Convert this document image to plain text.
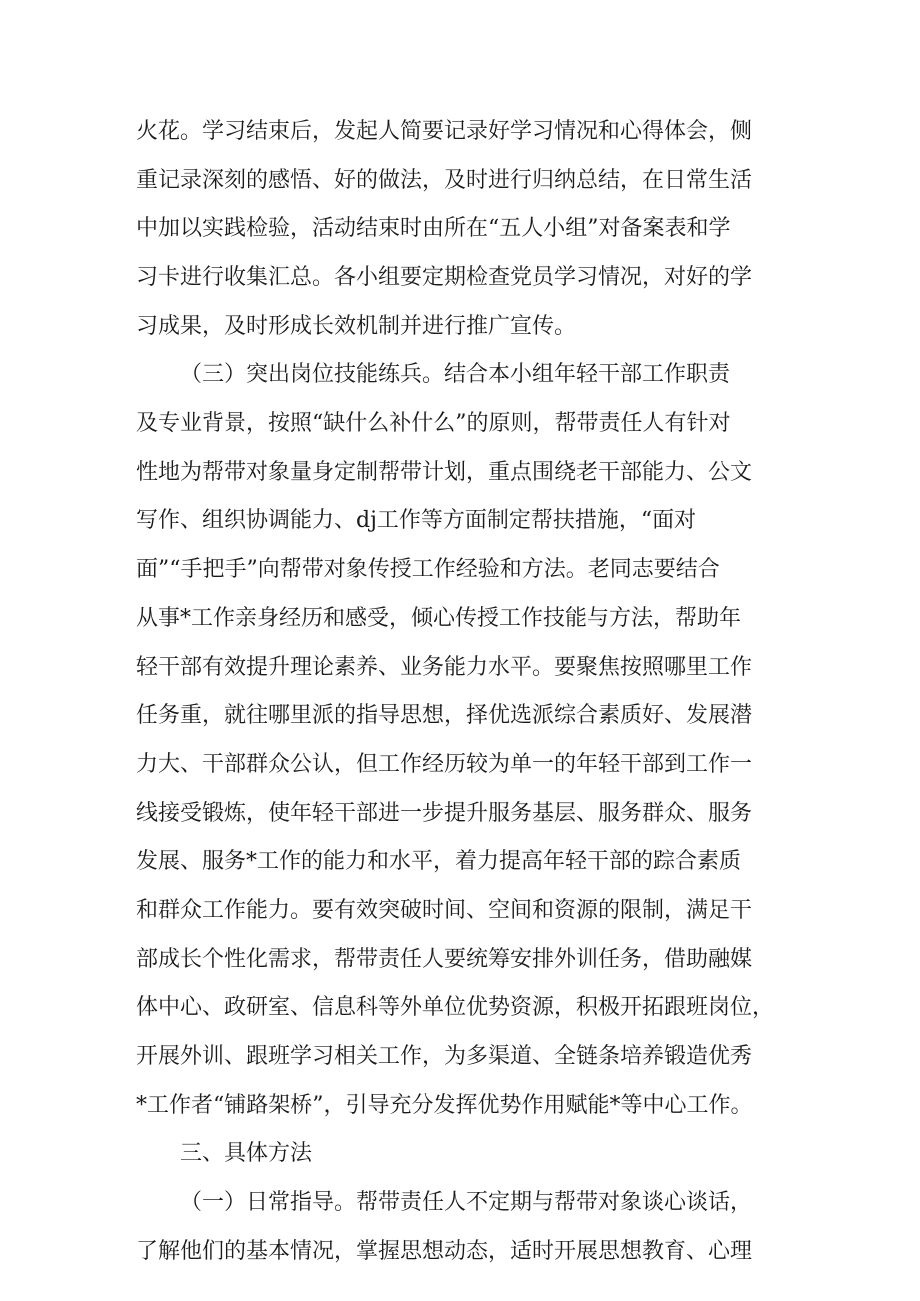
火花。学习结束后，发起人简要记录好学习情况和心得体会，侧
重记录深刻的感悟、好的做法，及时进行归纳总结，在日常生活
中加以实践检验，活动结束时由所在“五人小组”对备案表和学
习卡进行收集汇总。各小组要定期检查党员学习情况，对好的学
习成果，及时形成长效机制并进行推广宣传。
（三）突出岗位技能练兵。结合本小组年轻干部工作职责
及专业背景，按照“缺什么补什么”的原则，帮带责任人有针对
性地为帮带对象量身定制帮带计划，重点围绕老干部能力、公文
写作、组织协调能力、dj工作等方面制定帮扶措施，“面对
面”“手把手”向帮带对象传授工作经验和方法。老同志要结合
从事*工作亲身经历和感受，倾心传授工作技能与方法，帮助年
轻干部有效提升理论素养、业务能力水平。要聚焦按照哪里工作
任务重，就往哪里派的指导思想，择优选派综合素质好、发展潜
力大、干部群众公认，但工作经历较为单一的年轻干部到工作一
线接受锻炼，使年轻干部进一步提升服务基层、服务群众、服务
发展、服务*工作的能力和水平，着力提高年轻干部的踪合素质
和群众工作能力。要有效突破时间、空间和资源的限制，满足干
部成长个性化需求，帮带责任人要统筹安排外训任务，借助融媒
体中心、政研室、信息科等外单位优势资源，积极开拓跟班岗位，
开展外训、跟班学习相关工作，为多渠道、全链条培养锻造优秀
*工作者“铺路架桥”，引导充分发挥优势作用赋能*等中心工作。
三、具体方法
（一）日常指导。帮带责任人不定期与帮带对象谈心谈话，
了解他们的基本情况，掌握思想动态，适时开展思想教育、心理
